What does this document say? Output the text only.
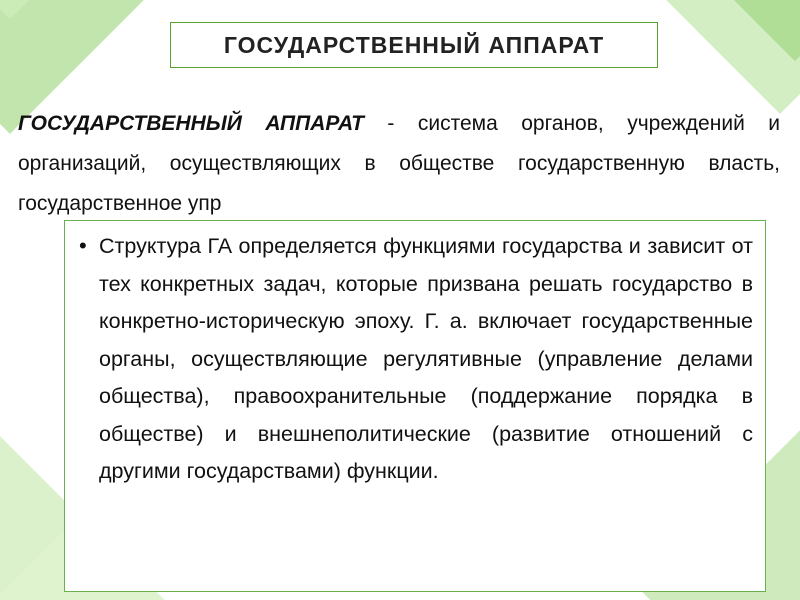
ГОСУДАРСТВЕННЫЙ АППАРАТ
ГОСУДАРСТВЕННЫЙ АППАРАТ - система органов, учреждений и организаций, осуществляющих в обществе государственную власть, государственное упр
• Структура ГА определяется функциями государства и зависит от тех конкретных задач, которые призвана решать государство в конкретно-историческую эпоху. Г. а. включает государственные органы, осуществляющие регулятивные (управление делами общества), правоохранительные (поддержание порядка в обществе) и внешнеполитические (развитие отношений с другими государствами) функции.
